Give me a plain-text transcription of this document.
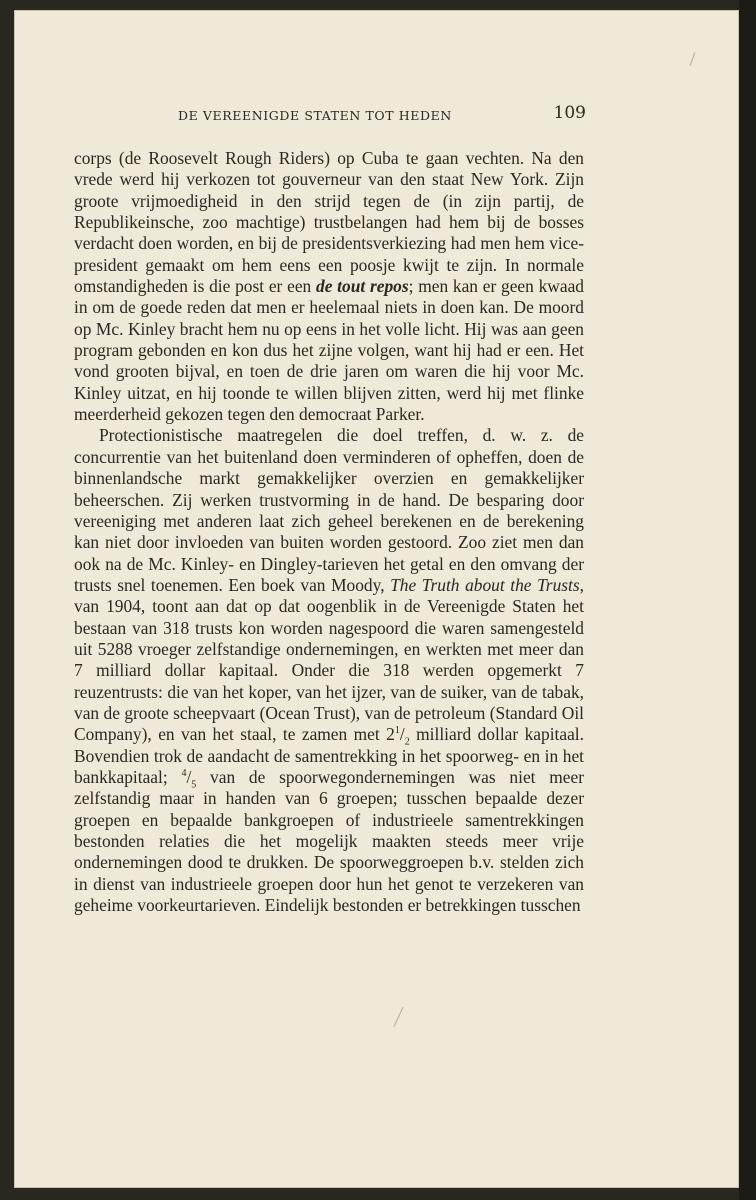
DE VEREENIGDE STATEN TOT HEDEN	109

corps (de Roosevelt Rough Riders) op Cuba te gaan vechten. Na den vrede werd hij verkozen tot gouverneur van den staat New York. Zijn groote vrijmoedigheid in den strijd tegen de (in zijn partij, de Republikeinsche, zoo machtige) trustbelangen had hem bij de bosses verdacht doen worden, en bij de presidentsverkiezing had men hem vice-president gemaakt om hem eens een poosje kwijt te zijn. In normale omstandigheden is die post er een de tout repos; men kan er geen kwaad in om de goede reden dat men er heelemaal niets in doen kan. De moord op Mc. Kinley bracht hem nu op eens in het volle licht. Hij was aan geen program gebonden en kon dus het zijne volgen, want hij had er een. Het vond grooten bijval, en toen de drie jaren om waren die hij voor Mc. Kinley uitzat, en hij toonde te willen blijven zitten, werd hij met flinke meerderheid gekozen tegen den democraat Parker.

Protectionistische maatregelen die doel treffen, d. w. z. de concurrentie van het buitenland doen verminderen of opheffen, doen de binnenlandsche markt gemakkelijker overzien en gemakkelijker beheerschen. Zij werken trustvorming in de hand. De besparing door vereeniging met anderen laat zich geheel berekenen en de berekening kan niet door invloeden van buiten worden gestoord. Zoo ziet men dan ook na de Mc. Kinley- en Dingley-tarieven het getal en den omvang der trusts snel toenemen. Een boek van Moody, The Truth about the Trusts, van 1904, toont aan dat op dat oogenblik in de Vereenigde Staten het bestaan van 318 trusts kon worden nagespoord die waren samengesteld uit 5288 vroeger zelfstandige ondernemingen, en werkten met meer dan 7 milliard dollar kapitaal. Onder die 318 werden opgemerkt 7 reuzentrusts: die van het koper, van het ijzer, van de suiker, van de tabak, van de groote scheepvaart (Ocean Trust), van de petroleum (Standard Oil Company), en van het staal, te zamen met $2^1/_2$ milliard dollar kapitaal. Bovendien trok de aandacht de samentrekking in het spoorweg- en in het bankkapitaal; $^4/_5$ van de spoorwegondernemingen was niet meer zelfstandig maar in handen van 6 groepen; tusschen bepaalde dezer groepen en bepaalde bankgroepen of industrieele samentrekkingen bestonden relaties die het mogelijk maakten steeds meer vrije ondernemingen dood te drukken. De spoorweggroepen b.v. stelden zich in dienst van industrieele groepen door hun het genot te verzekeren van geheime voorkeurtarieven. Eindelijk bestonden er betrekkingen tusschen
